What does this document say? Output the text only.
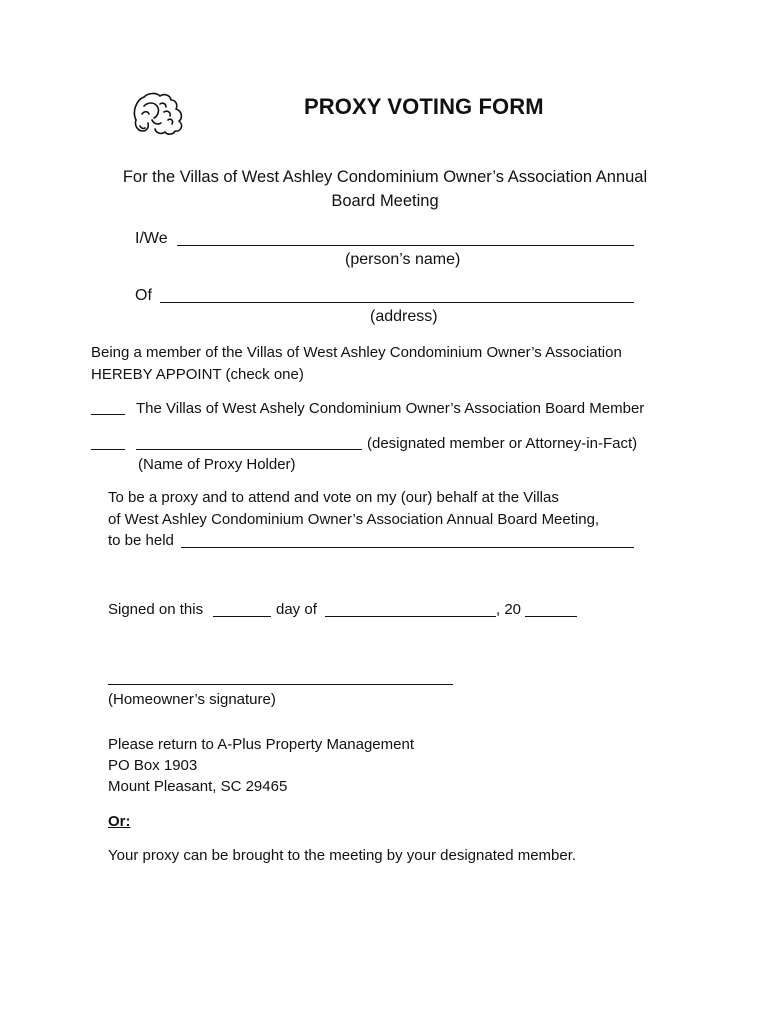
PROXY VOTING FORM
For the Villas of West Ashley Condominium Owner’s Association Annual
Board Meeting
I/We
(person’s name)
Of
(address)
Being a member of the Villas of West Ashley Condominium Owner’s Association
HEREBY APPOINT (check one)
The Villas of West Ashely Condominium Owner’s Association Board Member
(designated member or Attorney-in-Fact)
(Name of Proxy Holder)
To be a proxy and to attend and vote on my (our) behalf at the Villas
of West Ashley Condominium Owner’s Association Annual Board Meeting,
to be held
Signed on this	day of	, 20
(Homeowner’s signature)
Please return to A-Plus Property Management
PO Box 1903
Mount Pleasant, SC 29465
Or:
Your proxy can be brought to the meeting by your designated member.
